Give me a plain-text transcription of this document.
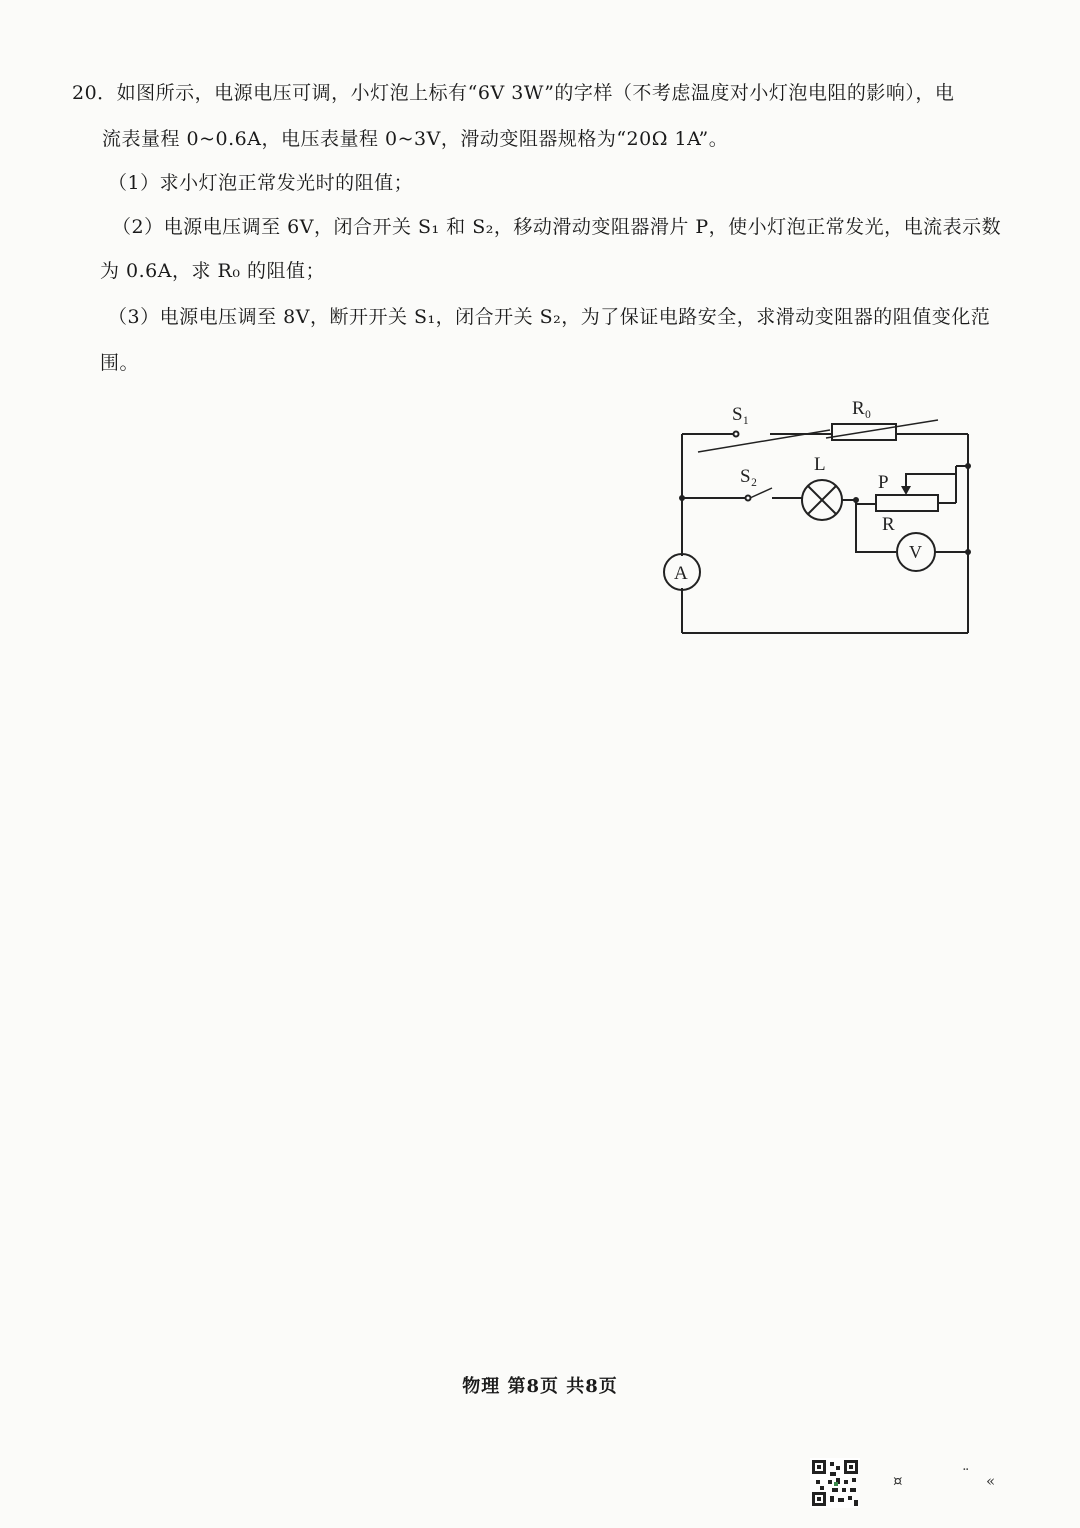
20．如图所示，电源电压可调，小灯泡上标有“6V 3W”的字样（不考虑温度对小灯泡电阻的影响），电
流表量程 0~0.6A，电压表量程 0~3V，滑动变阻器规格为“20Ω 1A”。
（1）求小灯泡正常发光时的阻值；
（2）电源电压调至 6V，闭合开关 S₁ 和 S₂，移动滑动变阻器滑片 P，使小灯泡正常发光，电流表示数
为 0.6A，求 R₀ 的阻值；
（3）电源电压调至 8V，断开开关 S₁，闭合开关 S₂，为了保证电路安全，求滑动变阻器的阻值变化范
围。
S₁	R₀
S₂
L
P
R
V
A
物理 第8页 共8页
¤	¨ «
